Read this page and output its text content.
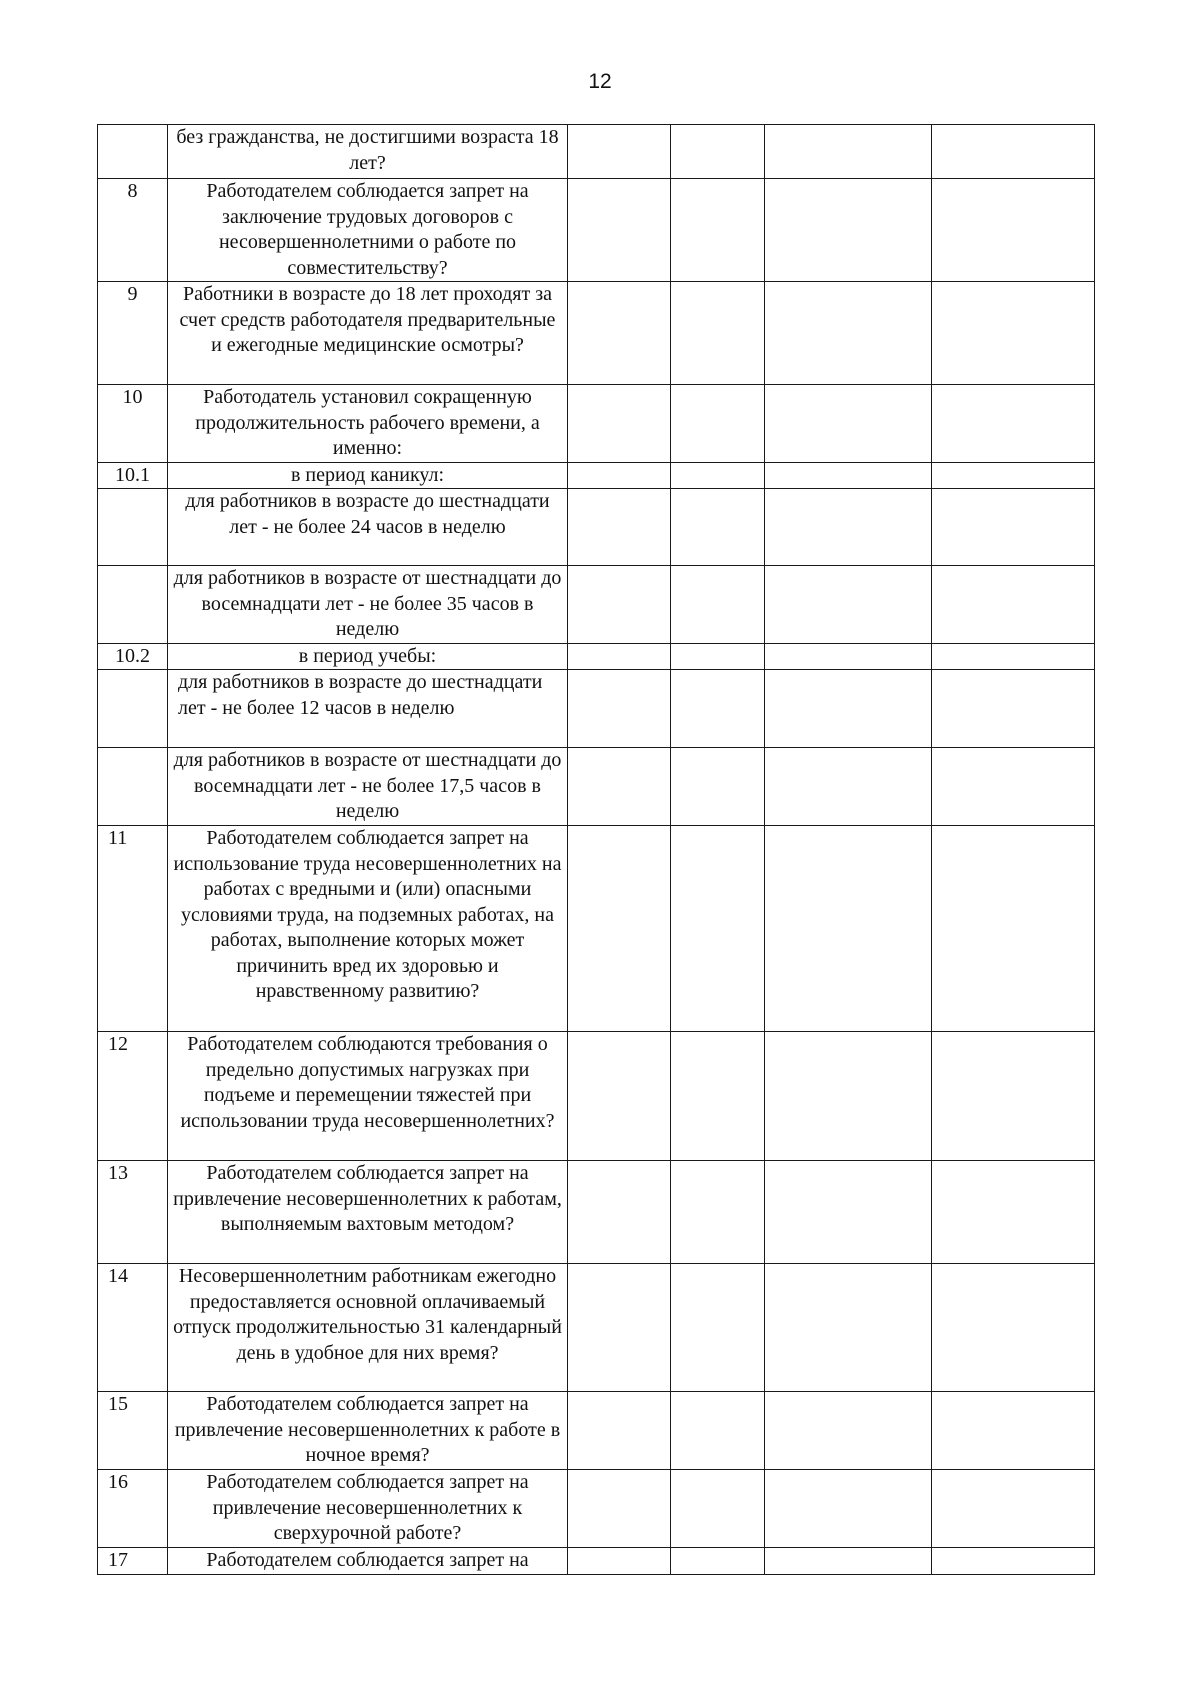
12
	без гражданства, не достигшими возраста 18 лет?				
8	Работодателем соблюдается запрет на заключение трудовых договоров с несовершеннолетними о работе по совместительству?				
9	Работники в возрасте до 18 лет проходят за счет средств работодателя предварительные и ежегодные медицинские осмотры?				
10	Работодатель установил сокращенную продолжительность рабочего времени, а именно:				
10.1	в период каникул:				
	для работников в возрасте до шестнадцати лет - не более 24 часов в неделю				
	для работников в возрасте от шестнадцати до восемнадцати лет - не более 35 часов в неделю				
10.2	в период учебы:				
	для работников в возрасте до шестнадцати лет - не более 12 часов в неделю				
	для работников в возрасте от шестнадцати до восемнадцати лет - не более 17,5 часов в неделю				
11	Работодателем соблюдается запрет на использование труда несовершеннолетних на работах с вредными и (или) опасными условиями труда, на подземных работах, на работах, выполнение которых может причинить вред их здоровью и нравственному развитию?				
12	Работодателем соблюдаются требования о предельно допустимых нагрузках при подъеме и перемещении тяжестей при использовании труда несовершеннолетних?				
13	Работодателем соблюдается запрет на привлечение несовершеннолетних к работам, выполняемым вахтовым методом?				
14	Несовершеннолетним работникам ежегодно предоставляется основной оплачиваемый отпуск продолжительностью 31 календарный день в удобное для них время?				
15	Работодателем соблюдается запрет на привлечение несовершеннолетних к работе в ночное время?				
16	Работодателем соблюдается запрет на привлечение несовершеннолетних к сверхурочной работе?				
17	Работодателем соблюдается запрет на				
